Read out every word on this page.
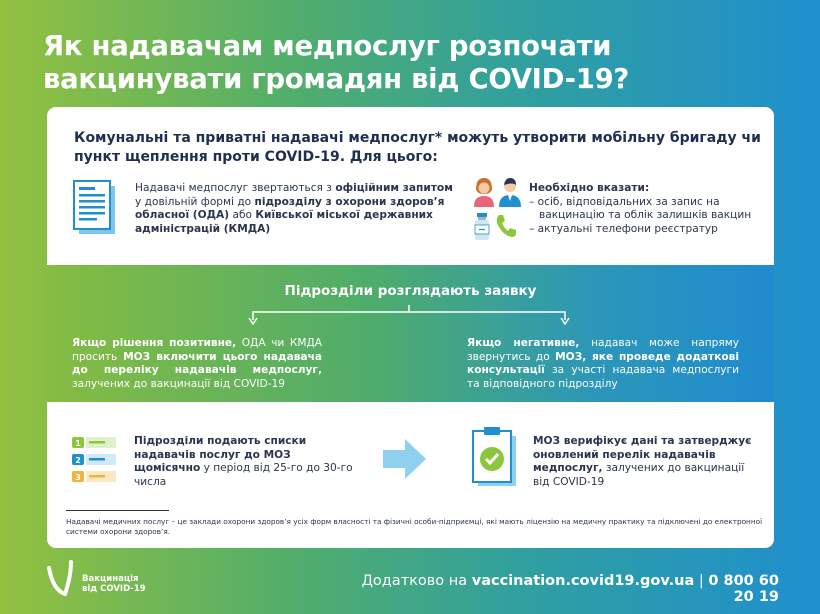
Як надавачам медпослуг розпочати вакцинувати громадян від COVID-19?
Комунальні та приватні надавачі медпослуг* можуть утворити мобільну бригаду чи пункт щеплення проти COVID-19. Для цього:
Надавачі медпослуг звертаються з офіційним запитом у довільній формі до підрозділу з охорони здоров’я обласної (ОДА) або Київської міської державних адміністрацій (КМДА)
Необхідно вказати:
– осіб, відповідальних за запис на вакцинацію та облік залишків вакцин
– актуальні телефони реєстратур
Підрозділи розглядають заявку
?
Якщо рішення позитивне, ОДА чи КМДА просить МОЗ включити цього надавача до переліку надавачів медпослуг, залучених до вакцинації від COVID-19
Якщо негативне, надавач може напряму звернутись до МОЗ, яке проведе додаткові консультації за участі надавача медпослуги та відповідного підрозділу
1
2
3
Підрозділи подають списки надавачів послуг до МОЗ щомісячно у період від 25-го до 30-го числа
МОЗ верифікує дані та затверджує оновлений перелік надавачів медпослуг, залучених до вакцинації від COVID-19
Надавачі медичних послуг – це заклади охорони здоров’я усіх форм власності та фізичні особи-підприємці, які мають ліцензію на медичну практику та підключені до електронної системи охорони здоров’я.
Вакцинація
від COVID-19	Додатково на vaccination.covid19.gov.ua | 0 800 60 20 19
